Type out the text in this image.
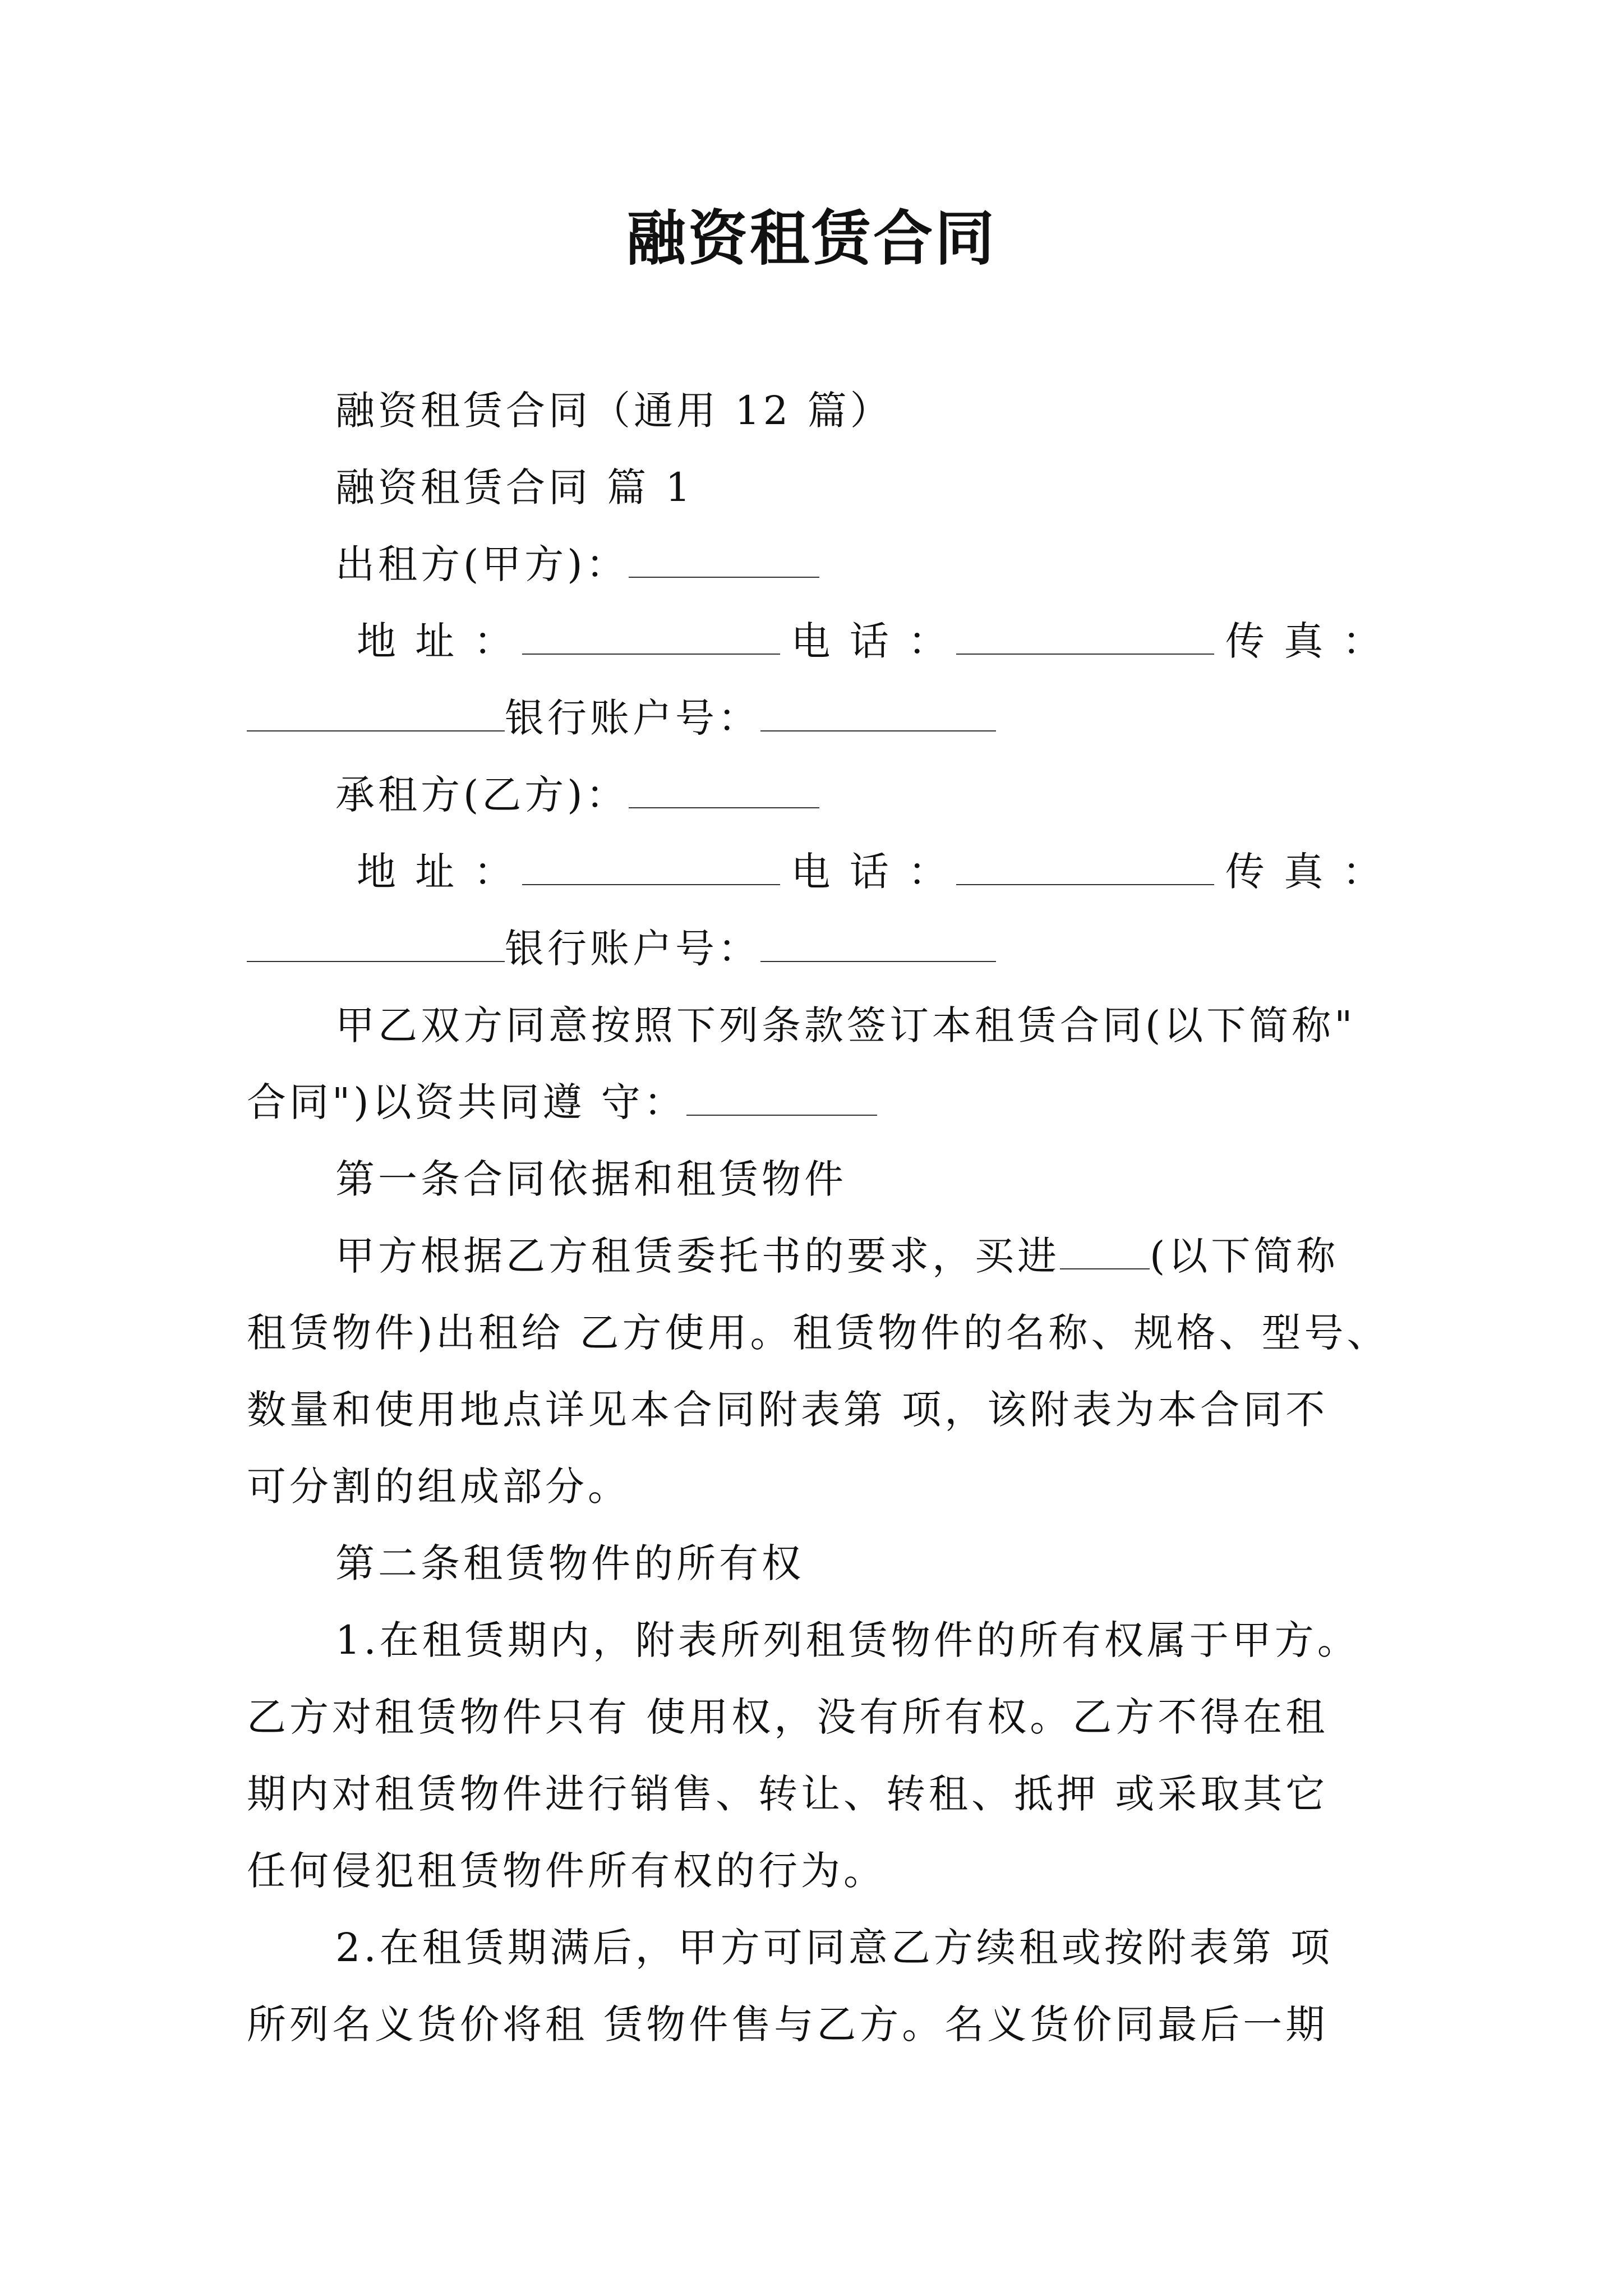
融资租赁合同
融资租赁合同（通用 12 篇）
融资租赁合同 篇 1
出租方(甲方)：
地 址 ：	电 话 ：	传 真 ：
银行账户号：
承租方(乙方)：
地 址 ：	电 话 ：	传 真 ：
银行账户号：
甲乙双方同意按照下列条款签订本租赁合同(以下简称"
合同")以资共同遵 守：
第一条合同依据和租赁物件
甲方根据乙方租赁委托书的要求，买进 (以下简称
租赁物件)出租给 乙方使用。租赁物件的名称、规格、型号、
数量和使用地点详见本合同附表第 项，该附表为本合同不
可分割的组成部分。
第二条租赁物件的所有权
1.在租赁期内，附表所列租赁物件的所有权属于甲方。
乙方对租赁物件只有 使用权，没有所有权。乙方不得在租
期内对租赁物件进行销售、转让、转租、抵押 或采取其它
任何侵犯租赁物件所有权的行为。
2.在租赁期满后，甲方可同意乙方续租或按附表第 项
所列名义货价将租 赁物件售与乙方。名义货价同最后一期
